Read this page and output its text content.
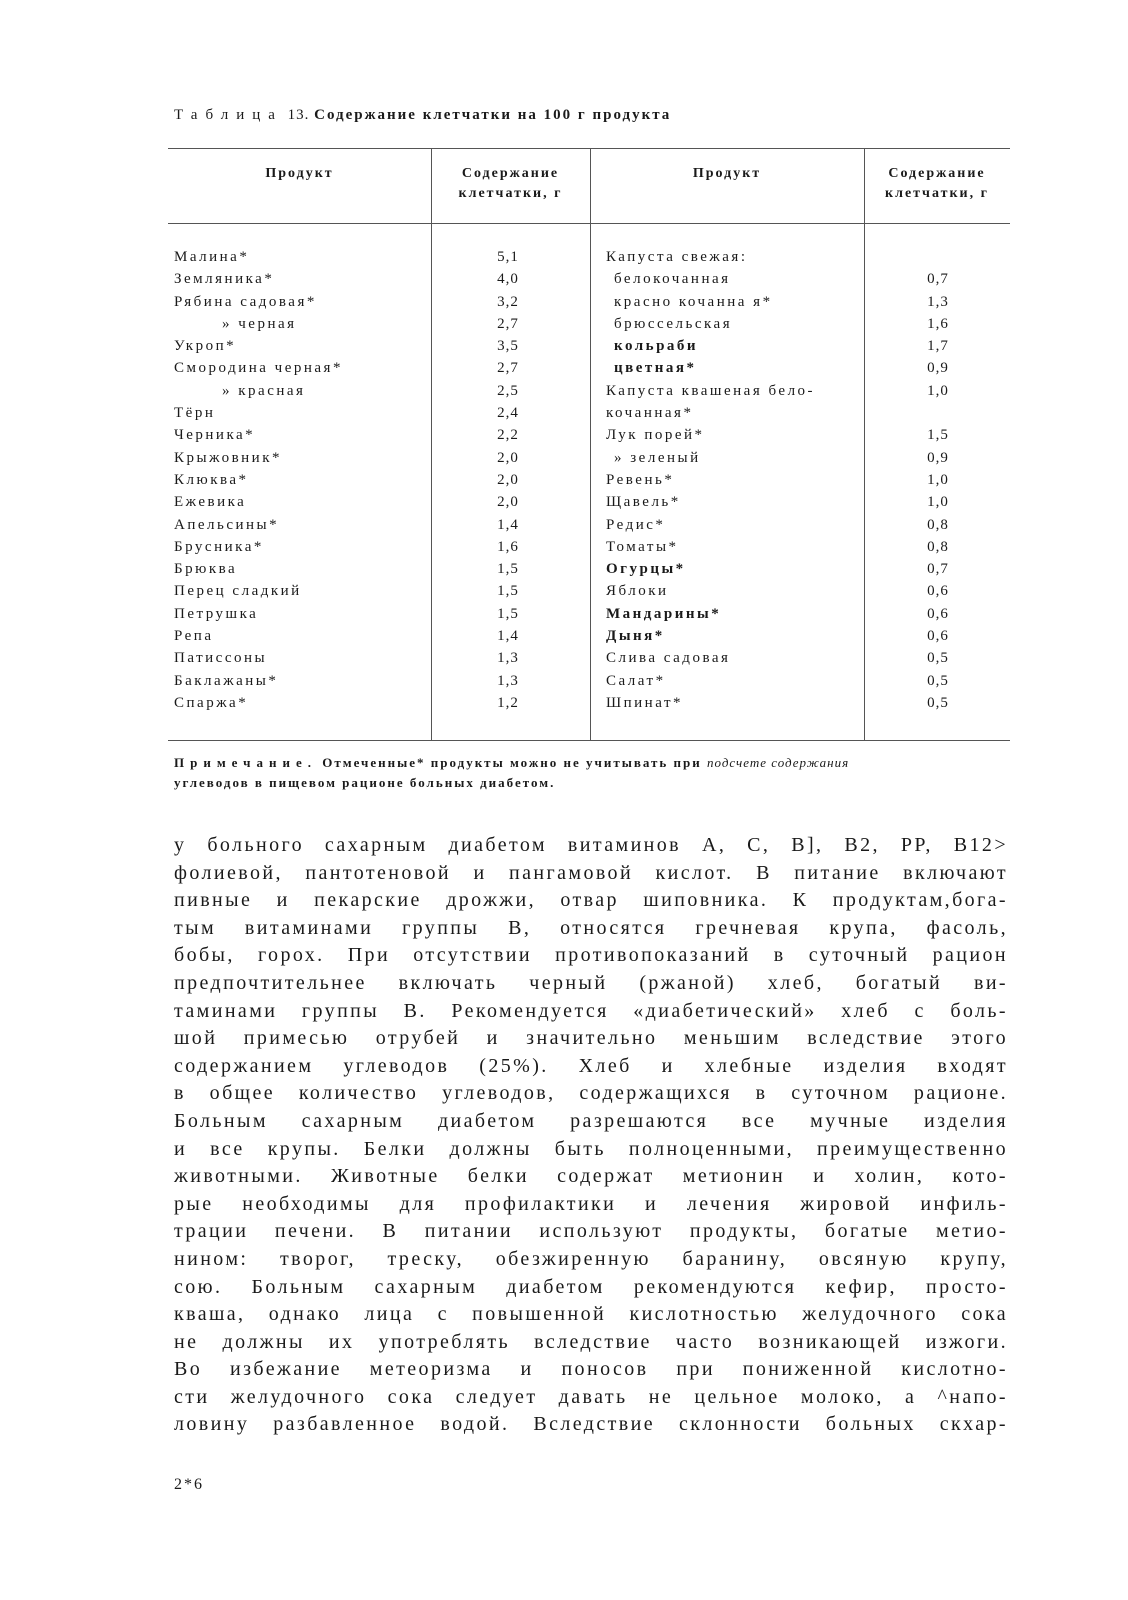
Таблица 13. Содержание клетчатки на 100 г продукта
Продукт	Содержание
клетчатки, г
Продукт	Содержание
клетчатки, г
Малина*
Земляника*
Рябина садовая*
» черная
Укроп*
Смородина черная*
» красная
Тёрн
Черника*
Крыжовник*
Клюква*
Ежевика
Апельсины*
Брусника*
Брюква
Перец сладкий
Петрушка
Репа
Патиссоны
Баклажаны*
Спаржа*
5,1
4,0
3,2
2,7
3,5
2,7
2,5
2,4
2,2
2,0
2,0
2,0
1,4
1,6
1,5
1,5
1,5
1,4
1,3
1,3
1,2
Капуста свежая:
белокочанная
красно кочанна я*
брюссельская
кольраби
цветная*
Капуста квашеная бело-
кочанная*
Лук порей*
» зеленый
Ревень*
Щавель*
Редис*
Томаты*
Огурцы*
Яблоки
Мандарины*
Дыня*
Слива садовая
Салат*
Шпинат*
0,7
1,3
1,6
1,7
0,9
1,0
1,5
0,9
1,0
1,0
0,8
0,8
0,7
0,6
0,6
0,6
0,5
0,5
0,5
Примечание. Отмеченные* продукты можно не учитывать при подсчете содержания
углеводов в пищевом рационе больных диабетом.
у больного сахарным диабетом витаминов А, С, В], В2, РР, В12>
фолиевой, пантотеновой и пангамовой кислот. В питание включают
пивные и пекарские дрожжи, отвар шиповника. К продуктам,бога-
тым витаминами группы В, относятся гречневая крупа, фасоль,
бобы, горох. При отсутствии противопоказаний в суточный рацион
предпочтительнее включать черный (ржаной) хлеб, богатый ви-
таминами группы В. Рекомендуется «диабетический» хлеб с боль-
шой примесью отрубей и значительно меньшим вследствие этого
содержанием углеводов (25%). Хлеб и хлебные изделия входят
в общее количество углеводов, содержащихся в суточном рационе.
Больным сахарным диабетом разрешаются все мучные изделия
и все крупы. Белки должны быть полноценными, преимущественно
животными. Животные белки содержат метионин и холин, кото-
рые необходимы для профилактики и лечения жировой инфиль-
трации печени. В питании используют продукты, богатые метио-
нином: творог, треску, обезжиренную баранину, овсяную крупу,
сою. Больным сахарным диабетом рекомендуются кефир, просто-
кваша, однако лица с повышенной кислотностью желудочного сока
не должны их употреблять вследствие часто возникающей изжоги.
Во избежание метеоризма и поносов при пониженной кислотно-
сти желудочного сока следует давать не цельное молоко, а ^напо-
ловину разбавленное водой. Вследствие склонности больных скхар-
2*6
